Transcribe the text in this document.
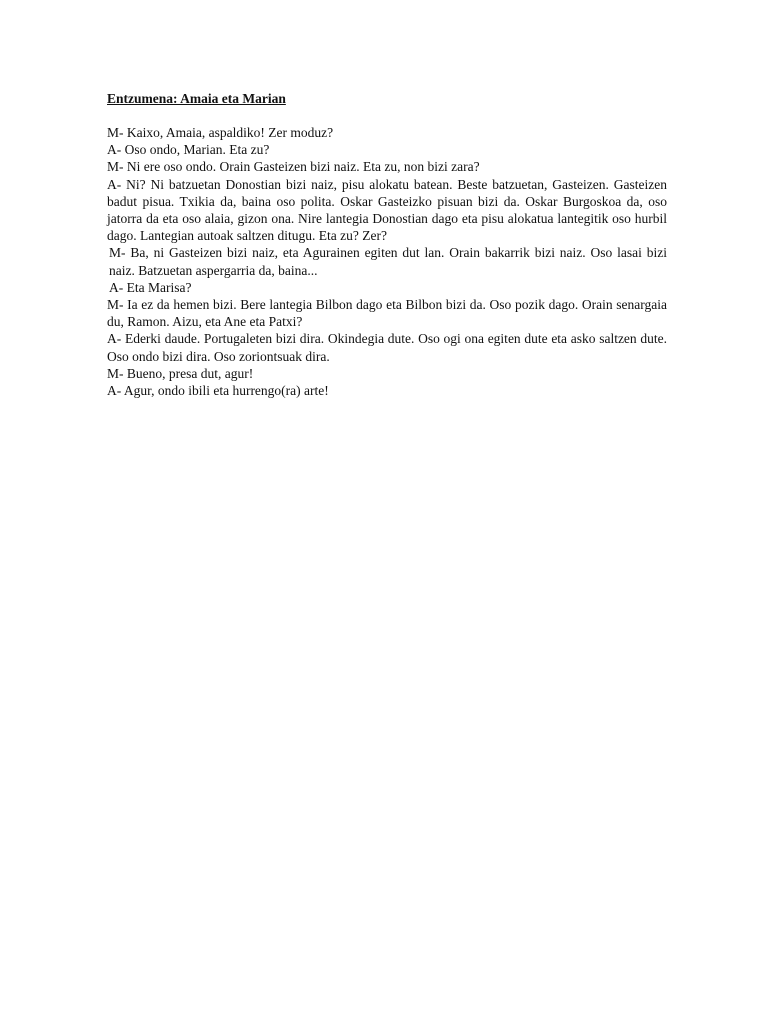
Entzumena: Amaia eta Marian

M- Kaixo, Amaia, aspaldiko! Zer moduz?

A- Oso ondo, Marian. Eta zu?

M- Ni ere oso ondo. Orain Gasteizen bizi naiz. Eta zu, non bizi zara?

A- Ni? Ni batzuetan Donostian bizi naiz, pisu alokatu batean. Beste batzuetan, Gasteizen. Gasteizen badut pisua. Txikia da, baina oso polita. Oskar Gasteizko pisuan bizi da. Oskar Burgoskoa da, oso jatorra da eta oso alaia, gizon ona. Nire lantegia Donostian dago eta pisu alokatua lantegitik oso hurbil dago. Lantegian autoak saltzen ditugu. Eta zu? Zer?

M- Ba, ni Gasteizen bizi naiz, eta Agurainen egiten dut lan. Orain bakarrik bizi naiz. Oso lasai bizi naiz. Batzuetan aspergarria da, baina...

A- Eta Marisa?

M- Ia ez da hemen bizi. Bere lantegia Bilbon dago eta Bilbon bizi da. Oso pozik dago. Orain senargaia du, Ramon. Aizu, eta Ane eta Patxi?

A- Ederki daude. Portugaleten bizi dira. Okindegia dute. Oso ogi ona egiten dute eta asko saltzen dute. Oso ondo bizi dira. Oso zoriontsuak dira.

M- Bueno, presa dut, agur!

A- Agur, ondo ibili eta hurrengo(ra) arte!
